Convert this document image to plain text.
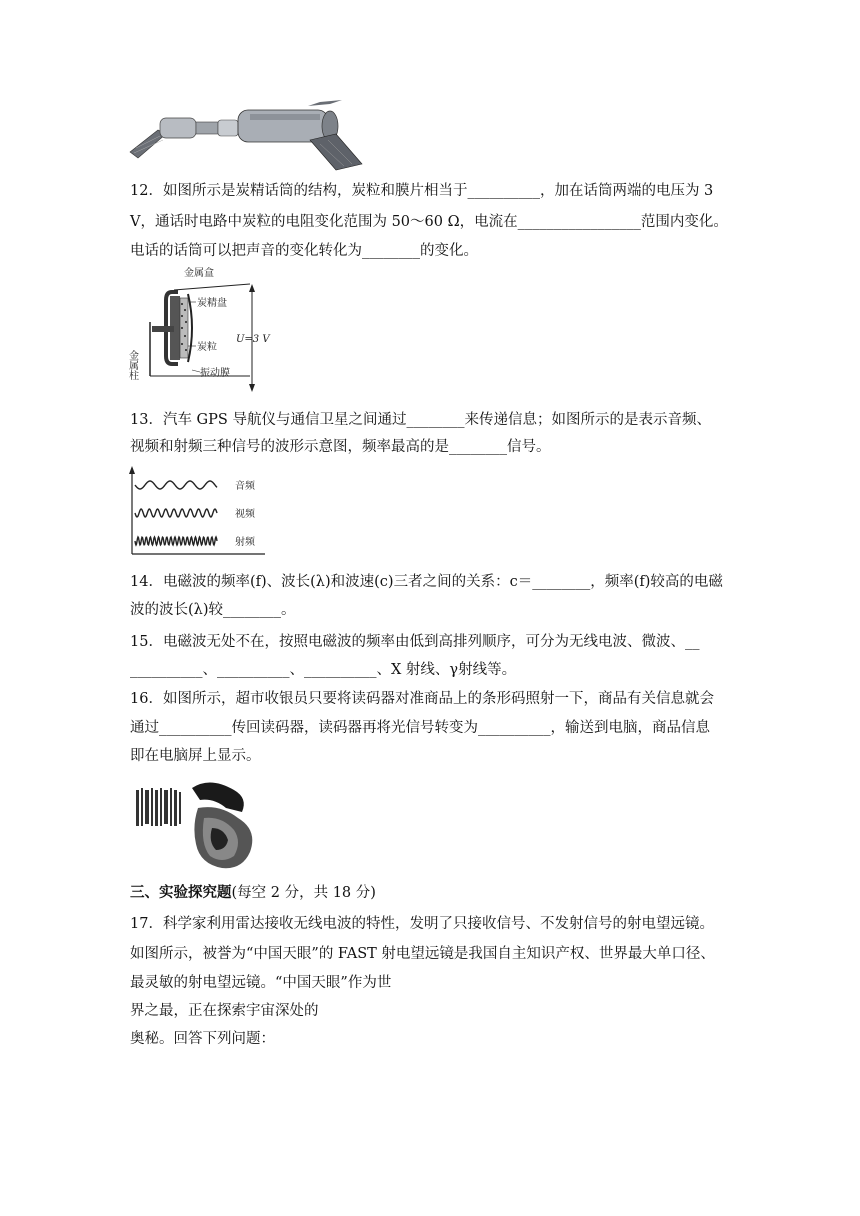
12．如图所示是炭精话筒的结构，炭粒和膜片相当于__________，加在话筒两端的电压为 3
V，通话时电路中炭粒的电阻变化范围为 50～60 Ω，电流在_________________范围内变化。
电话的话筒可以把声音的变化转化为________的变化。
金属盒
炭精盘
炭粒
振动膜
U=3 V
金属柱
13．汽车 GPS 导航仪与通信卫星之间通过________来传递信息；如图所示的是表示音频、
视频和射频三种信号的波形示意图，频率最高的是________信号。
音频
视频
射频
14．电磁波的频率(f)、波长(λ)和波速(c)三者之间的关系：c＝________，频率(f)较高的电磁
波的波长(λ)较________。
15．电磁波无处不在，按照电磁波的频率由低到高排列顺序，可分为无线电波、微波、__
__________、__________、__________、X 射线、γ射线等。
16．如图所示，超市收银员只要将读码器对准商品上的条形码照射一下，商品有关信息就会
通过__________传回读码器，读码器再将光信号转变为__________，输送到电脑，商品信息
即在电脑屏上显示。
三、实验探究题(每空 2 分，共 18 分)
17．科学家利用雷达接收无线电波的特性，发明了只接收信号、不发射信号的射电望远镜。
如图所示，被誉为“中国天眼”的 FAST 射电望远镜是我国自主知识产权、世界最大单口径、
最灵敏的射电望远镜。“中国天眼”作为世
界之最，正在探索宇宙深处的
奥秘。回答下列问题：
